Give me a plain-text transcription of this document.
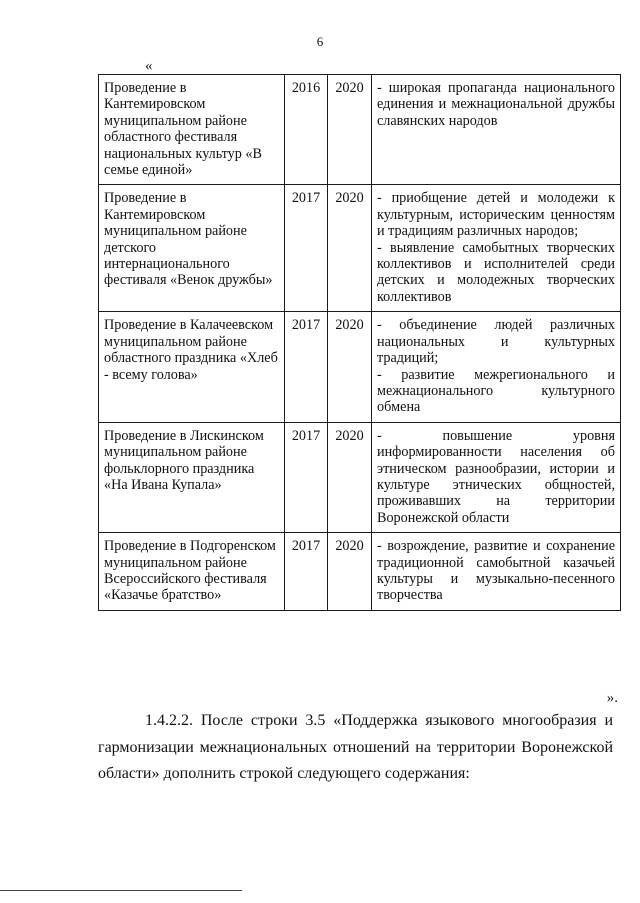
6
«
Проведение в Кантемировском муниципальном районе областного фестиваля национальных культур «В семье единой»	2016	2020	- широкая пропаганда национального единения и межнациональной дружбы славянских народов

Проведение в Кантемировском муниципальном районе детского интернационального фестиваля «Венок дружбы»	2017	2020	- приобщение детей и молодежи к культурным, историческим ценностям и традициям различных народов;
- выявление самобытных творческих коллективов и исполнителей среди детских и молодежных творческих коллективов

Проведение в Калачеевском муниципальном районе областного праздника «Хлеб - всему голова»	2017	2020	- объединение людей различных национальных и культурных традиций;
- развитие межрегионального и межнационального культурного обмена

Проведение в Лискинском муниципальном районе фольклорного праздника «На Ивана Купала»	2017	2020	- повышение уровня информированности населения об этническом разнообразии, истории и культуре этнических общностей, проживавших на территории Воронежской области

Проведение в Подгоренском муниципальном районе Всероссийского фестиваля «Казачье братство»	2017	2020	- возрождение, развитие и сохранение традиционной самобытной казачьей культуры и музыкально-песенного творчества
».
1.4.2.2. После строки 3.5 «Поддержка языкового многообразия и гармонизации межнациональных отношений на территории Воронежской области» дополнить строкой следующего содержания:
